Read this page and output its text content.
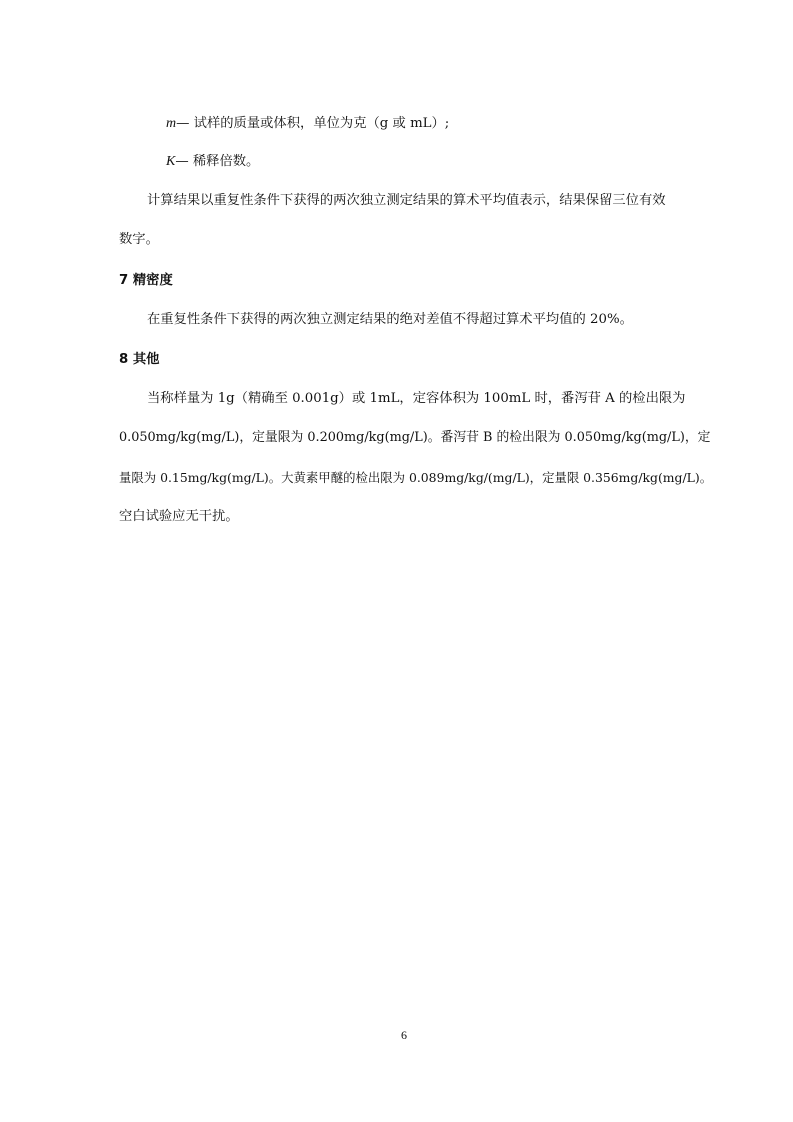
m— 试样的质量或体积，单位为克（g 或 mL）;
K— 稀释倍数。
计算结果以重复性条件下获得的两次独立测定结果的算术平均值表示，结果保留三位有效
数字。
7 精密度
在重复性条件下获得的两次独立测定结果的绝对差值不得超过算术平均值的 20%。
8 其他
当称样量为 1g（精确至 0.001g）或 1mL，定容体积为 100mL 时，番泻苷 A 的检出限为
0.050mg/kg(mg/L)，定量限为 0.200mg/kg(mg/L)。番泻苷 B 的检出限为 0.050mg/kg(mg/L)，定
量限为 0.15mg/kg(mg/L)。大黄素甲醚的检出限为 0.089mg/kg/(mg/L)，定量限 0.356mg/kg(mg/L)。
空白试验应无干扰。
6
